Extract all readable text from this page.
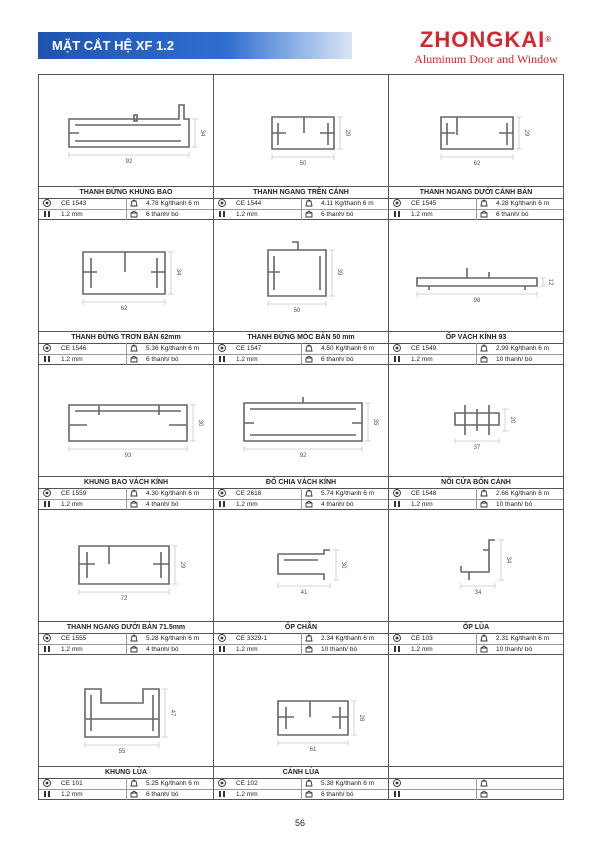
MẶT CẮT HỆ XF 1.2	ZHONGKAI®
Aluminum Door and Window
92
34
THANH ĐỨNG KHUNG BAO
CE 1543	4.78 Kg/thanh 6 m
1.2 mm	6 thanh/ bó
50
29
THANH NGANG TRÊN CÁNH
CE 1544	4.11 Kg/thanh 6 m
1.2 mm	6 thanh/ bó
62
29
THANH NGANG DƯỚI CÁNH BẢN
CE 1545	4.28 Kg/thanh 6 m
1.2 mm	6 thanh/ bó
62
34
THANH ĐỨNG TRƠN BẢN 62mm
CE 1546	5.36 Kg/thanh 6 m
1.2 mm	6 thanh/ bó
50
39
THANH ĐỨNG MÓC BẢN 50 mm
CE 1547	4.50 Kg/thanh 6 m
1.2 mm	6 thanh/ bó
98
12
ỐP VÁCH KÍNH 93
CE 1549	2.99 Kg/thanh 6 m
1.2 mm	10 thanh/ bó
93
30
KHUNG BAO VÁCH KÍNH
CE 1559	4.30 Kg/thanh 6 m
1.2 mm	4 thanh/ bó
92
35
ĐỐ CHIA VÁCH KÍNH
CE 2618	5.74 Kg/thanh 6 m
1.2 mm	4 thanh/ bó
37
20
NỐI CỬA BỐN CÁNH
CE 1548	2.66 Kg/thanh 6 m
1.2 mm	10 thanh/ bó
72
29
THANH NGANG DƯỚI BẢN 71.5mm
CE 1555	5.28 Kg/thanh 6 m
1.2 mm	4 thanh/ bó
41
30
ỐP CHÂN
CE 3329-1	2.34 Kg/thanh 6 m
1.2 mm	10 thanh/ bó
34
34
ỐP LÙA
CE 103	2.31 Kg/thanh 6 m
1.2 mm	10 thanh/ bó
55
47
KHUNG LÙA
CE 101	5.25 Kg/thanh 6 m
1.2 mm	6 thanh/ bó
61
28
CÁNH LÙA
CE 102	5.38 Kg/thanh 6 m
1.2 mm	6 thanh/ bó
56
